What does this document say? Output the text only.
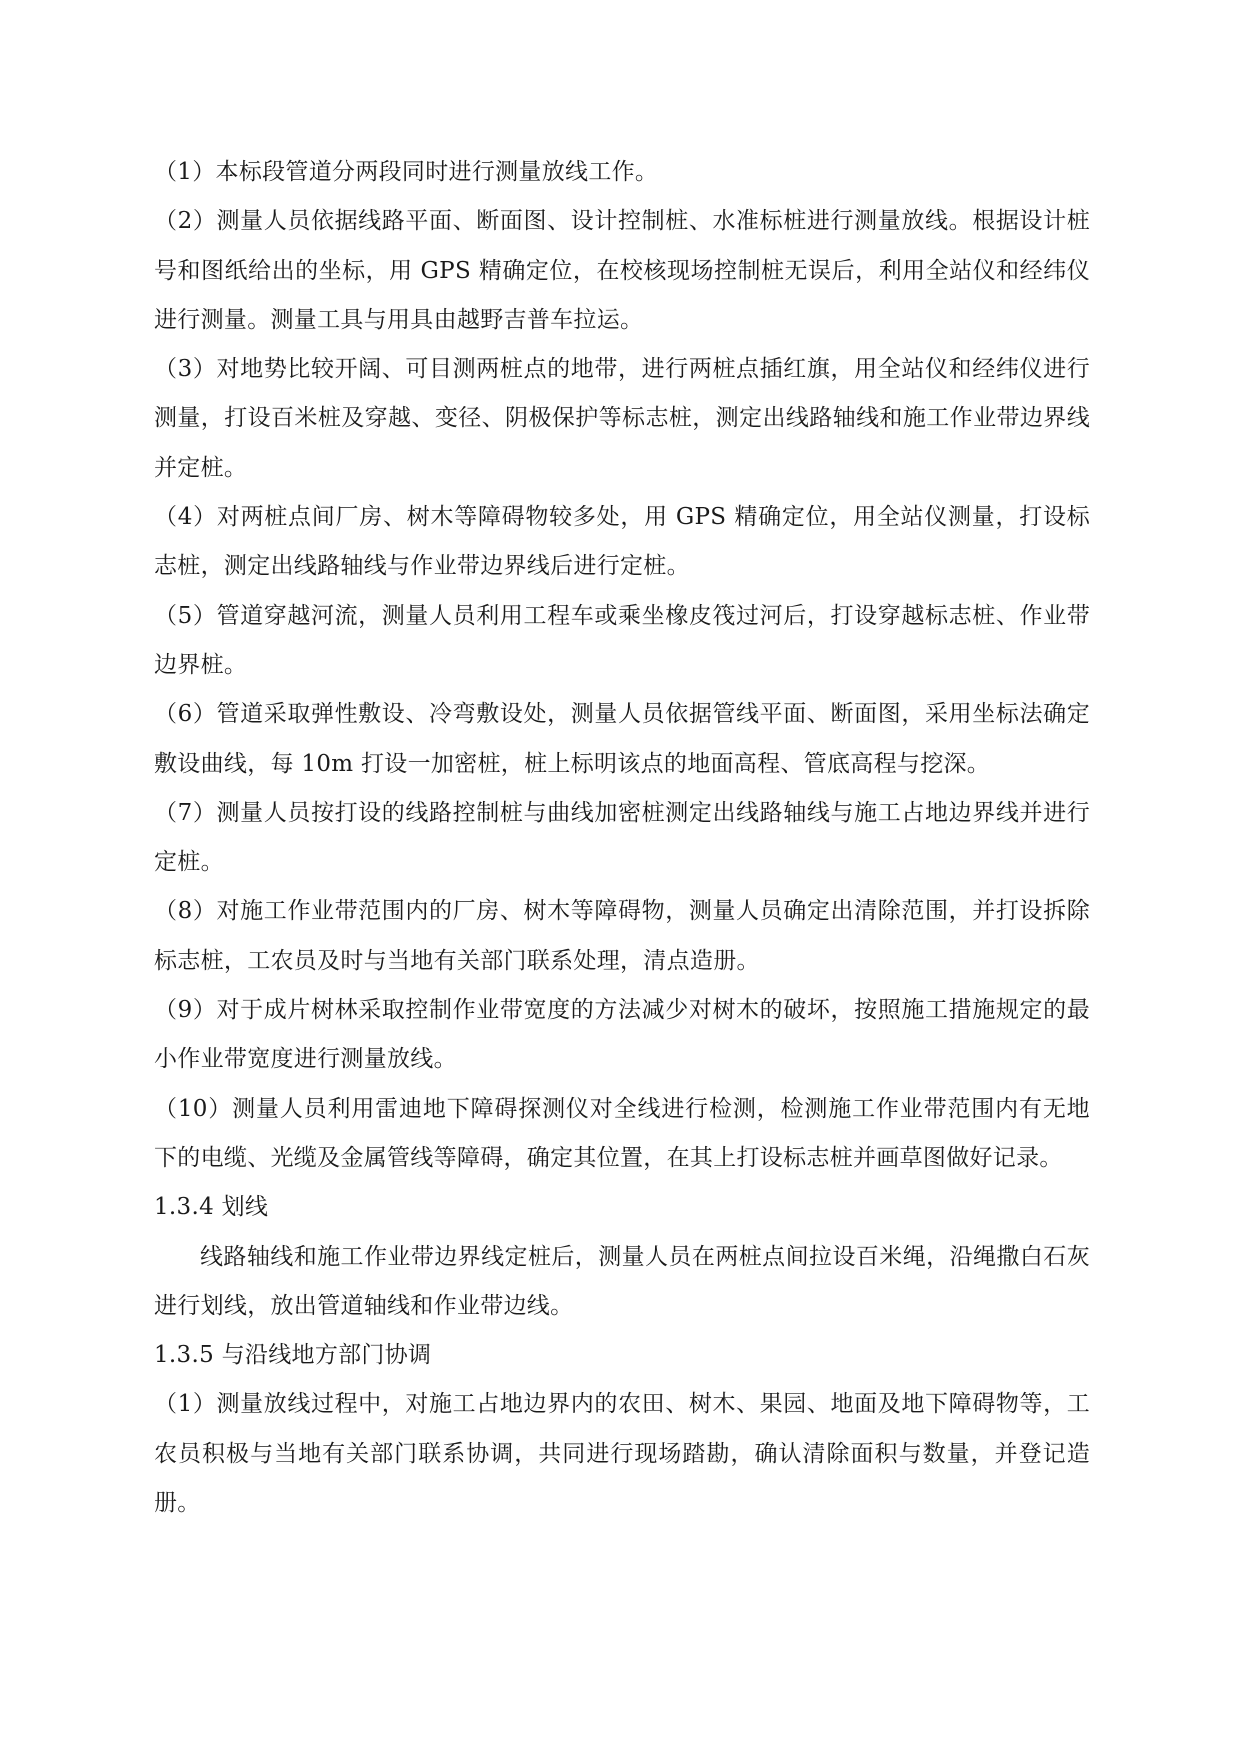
（1）本标段管道分两段同时进行测量放线工作。

（2）测量人员依据线路平面、断面图、设计控制桩、水准标桩进行测量放线。根据设计桩号和图纸给出的坐标，用 GPS 精确定位，在校核现场控制桩无误后，利用全站仪和经纬仪进行测量。测量工具与用具由越野吉普车拉运。

（3）对地势比较开阔、可目测两桩点的地带，进行两桩点插红旗，用全站仪和经纬仪进行测量，打设百米桩及穿越、变径、阴极保护等标志桩，测定出线路轴线和施工作业带边界线并定桩。

（4）对两桩点间厂房、树木等障碍物较多处，用 GPS 精确定位，用全站仪测量，打设标志桩，测定出线路轴线与作业带边界线后进行定桩。

（5）管道穿越河流，测量人员利用工程车或乘坐橡皮筏过河后，打设穿越标志桩、作业带边界桩。

（6）管道采取弹性敷设、冷弯敷设处，测量人员依据管线平面、断面图，采用坐标法确定敷设曲线，每 10m 打设一加密桩，桩上标明该点的地面高程、管底高程与挖深。

（7）测量人员按打设的线路控制桩与曲线加密桩测定出线路轴线与施工占地边界线并进行定桩。

（8）对施工作业带范围内的厂房、树木等障碍物，测量人员确定出清除范围，并打设拆除标志桩，工农员及时与当地有关部门联系处理，清点造册。

（9）对于成片树林采取控制作业带宽度的方法减少对树木的破坏，按照施工措施规定的最小作业带宽度进行测量放线。

（10）测量人员利用雷迪地下障碍探测仪对全线进行检测，检测施工作业带范围内有无地下的电缆、光缆及金属管线等障碍，确定其位置，在其上打设标志桩并画草图做好记录。

1.3.4 划线

线路轴线和施工作业带边界线定桩后，测量人员在两桩点间拉设百米绳，沿绳撒白石灰进行划线，放出管道轴线和作业带边线。

1.3.5 与沿线地方部门协调

（1）测量放线过程中，对施工占地边界内的农田、树木、果园、地面及地下障碍物等，工农员积极与当地有关部门联系协调，共同进行现场踏勘，确认清除面积与数量，并登记造册。
